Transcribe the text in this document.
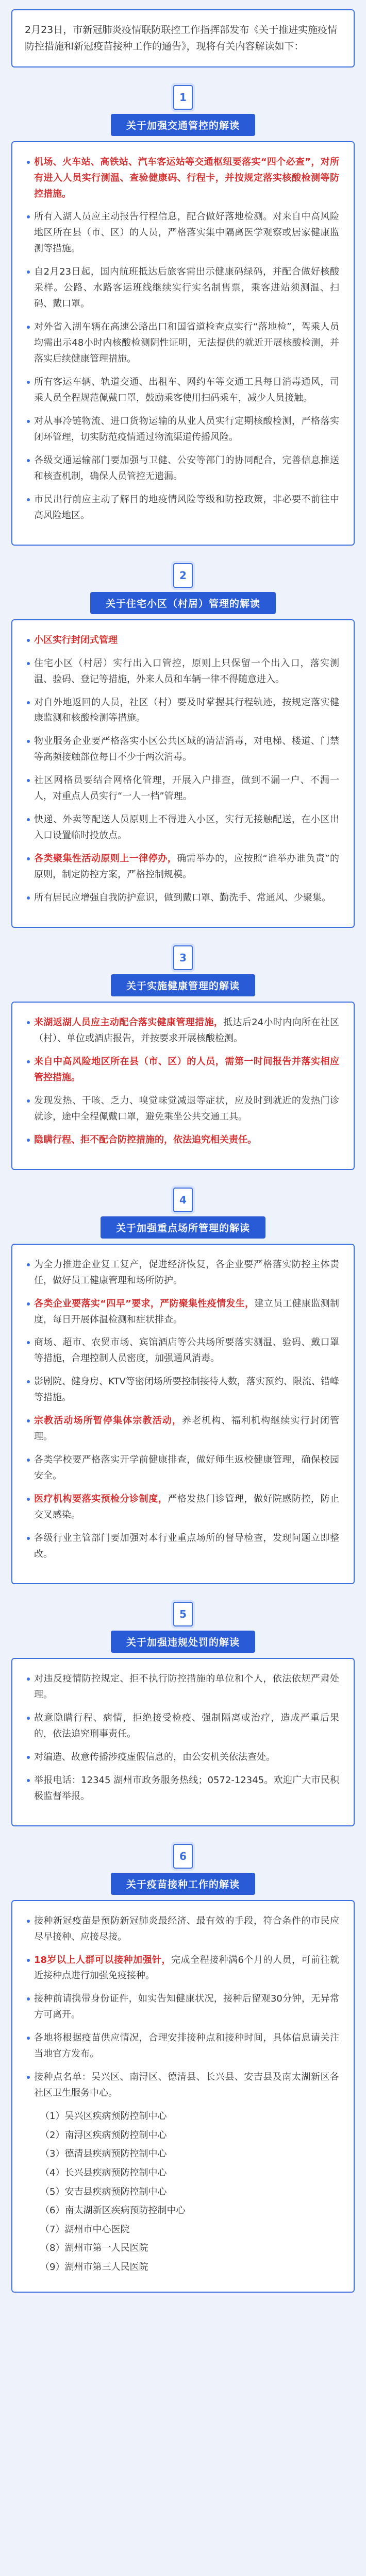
2月23日，市新冠肺炎疫情联防联控工作指挥部发布《关于推进实施疫情防控措施和新冠疫苗接种工作的通告》，现将有关内容解读如下：
1
关于加强交通管控的解读

机场、火车站、高铁站、汽车客运站等交通枢纽要落实“四个必查”，对所有进入人员实行测温、查验健康码、行程卡，并按规定落实核酸检测等防控措施。

所有入湖人员应主动报告行程信息，配合做好落地检测。对来自中高风险地区所在县（市、区）的人员，严格落实集中隔离医学观察或居家健康监测等措施。

自2月23日起，国内航班抵达后旅客需出示健康码绿码，并配合做好核酸采样。公路、水路客运班线继续实行实名制售票，乘客进站须测温、扫码、戴口罩。

对外省入湖车辆在高速公路出口和国省道检查点实行“落地检”，驾乘人员均需出示48小时内核酸检测阴性证明，无法提供的就近开展核酸检测，并落实后续健康管理措施。

所有客运车辆、轨道交通、出租车、网约车等交通工具每日消毒通风，司乘人员全程规范佩戴口罩，鼓励乘客使用扫码乘车，减少人员接触。

对从事冷链物流、进口货物运输的从业人员实行定期核酸检测，严格落实闭环管理，切实防范疫情通过物流渠道传播风险。

各级交通运输部门要加强与卫健、公安等部门的协同配合，完善信息推送和核查机制，确保人员管控无遗漏。

市民出行前应主动了解目的地疫情风险等级和防控政策，非必要不前往中高风险地区。

2
关于住宅小区（村居）管理的解读

小区实行封闭式管理

住宅小区（村居）实行出入口管控，原则上只保留一个出入口，落实测温、验码、登记等措施，外来人员和车辆一律不得随意进入。

对自外地返回的人员，社区（村）要及时掌握其行程轨迹，按规定落实健康监测和核酸检测等措施。

物业服务企业要严格落实小区公共区域的清洁消毒，对电梯、楼道、门禁等高频接触部位每日不少于两次消毒。

社区网格员要结合网格化管理，开展入户排查，做到不漏一户、不漏一人，对重点人员实行“一人一档”管理。

快递、外卖等配送人员原则上不得进入小区，实行无接触配送，在小区出入口设置临时投放点。

各类聚集性活动原则上一律停办，确需举办的，应按照“谁举办谁负责”的原则，制定防控方案，严格控制规模。

所有居民应增强自我防护意识，做到戴口罩、勤洗手、常通风、少聚集。

3
关于实施健康管理的解读

来湖返湖人员应主动配合落实健康管理措施，抵达后24小时内向所在社区（村）、单位或酒店报告，并按要求开展核酸检测。

来自中高风险地区所在县（市、区）的人员，需第一时间报告并落实相应管控措施。

发现发热、干咳、乏力、嗅觉味觉减退等症状，应及时到就近的发热门诊就诊，途中全程佩戴口罩，避免乘坐公共交通工具。

隐瞒行程、拒不配合防控措施的，依法追究相关责任。

4
关于加强重点场所管理的解读

为全力推进企业复工复产，促进经济恢复，各企业要严格落实防控主体责任，做好员工健康管理和场所防护。

各类企业要落实“四早”要求，严防聚集性疫情发生，建立员工健康监测制度，每日开展体温检测和症状排查。

商场、超市、农贸市场、宾馆酒店等公共场所要落实测温、验码、戴口罩等措施，合理控制人员密度，加强通风消毒。

影剧院、健身房、KTV等密闭场所要控制接待人数，落实预约、限流、错峰等措施。

宗教活动场所暂停集体宗教活动，养老机构、福利机构继续实行封闭管理。

各类学校要严格落实开学前健康排查，做好师生返校健康管理，确保校园安全。

医疗机构要落实预检分诊制度，严格发热门诊管理，做好院感防控，防止交叉感染。

各级行业主管部门要加强对本行业重点场所的督导检查，发现问题立即整改。

5
关于加强违规处罚的解读

对违反疫情防控规定、拒不执行防控措施的单位和个人，依法依规严肃处理。

故意隐瞒行程、病情，拒绝接受检疫、强制隔离或治疗，造成严重后果的，依法追究刑事责任。

对编造、故意传播涉疫虚假信息的，由公安机关依法查处。

举报电话：12345 湖州市政务服务热线；0572-12345。欢迎广大市民积极监督举报。

6
关于疫苗接种工作的解读

接种新冠疫苗是预防新冠肺炎最经济、最有效的手段，符合条件的市民应尽早接种、应接尽接。

18岁以上人群可以接种加强针，完成全程接种满6个月的人员，可前往就近接种点进行加强免疫接种。

接种前请携带身份证件，如实告知健康状况，接种后留观30分钟，无异常方可离开。

各地将根据疫苗供应情况，合理安排接种点和接种时间，具体信息请关注当地官方发布。

接种点名单：吴兴区、南浔区、德清县、长兴县、安吉县及南太湖新区各社区卫生服务中心。

（1）吴兴区疾病预防控制中心
（2）南浔区疾病预防控制中心
（3）德清县疾病预防控制中心
（4）长兴县疾病预防控制中心
（5）安吉县疾病预防控制中心
（6）南太湖新区疾病预防控制中心
（7）湖州市中心医院
（8）湖州市第一人民医院
（9）湖州市第三人民医院
